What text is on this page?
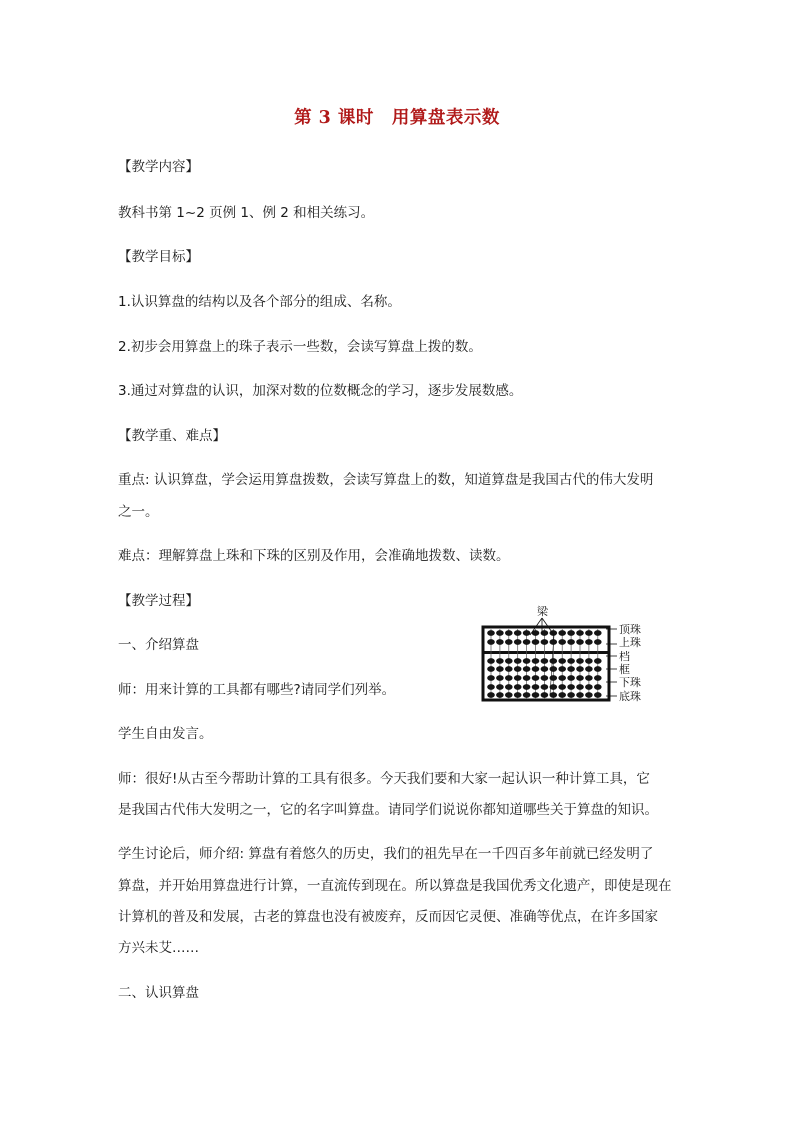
第 3 课时　用算盘表示数
【教学内容】
教科书第 1~2 页例 1、例 2 和相关练习。
【教学目标】
1.认识算盘的结构以及各个部分的组成、名称。
2.初步会用算盘上的珠子表示一些数，会读写算盘上拨的数。
3.通过对算盘的认识，加深对数的位数概念的学习，逐步发展数感。
【教学重、难点】
重点: 认识算盘，学会运用算盘拨数，会读写算盘上的数，知道算盘是我国古代的伟大发明
之一。
难点：理解算盘上珠和下珠的区别及作用，会准确地拨数、读数。
【教学过程】
一、介绍算盘
师：用来计算的工具都有哪些?请同学们列举。
学生自由发言。
师：很好!从古至今帮助计算的工具有很多。今天我们要和大家一起认识一种计算工具，它
是我国古代伟大发明之一，它的名字叫算盘。请同学们说说你都知道哪些关于算盘的知识。
学生讨论后，师介绍: 算盘有着悠久的历史，我们的祖先早在一千四百多年前就已经发明了
算盘，并开始用算盘进行计算，一直流传到现在。所以算盘是我国优秀文化遗产，即使是现在
计算机的普及和发展，古老的算盘也没有被废弃，反而因它灵便、准确等优点，在许多国家
方兴未艾……
二、认识算盘
梁
顶珠
上珠
档
框
下珠
底珠
